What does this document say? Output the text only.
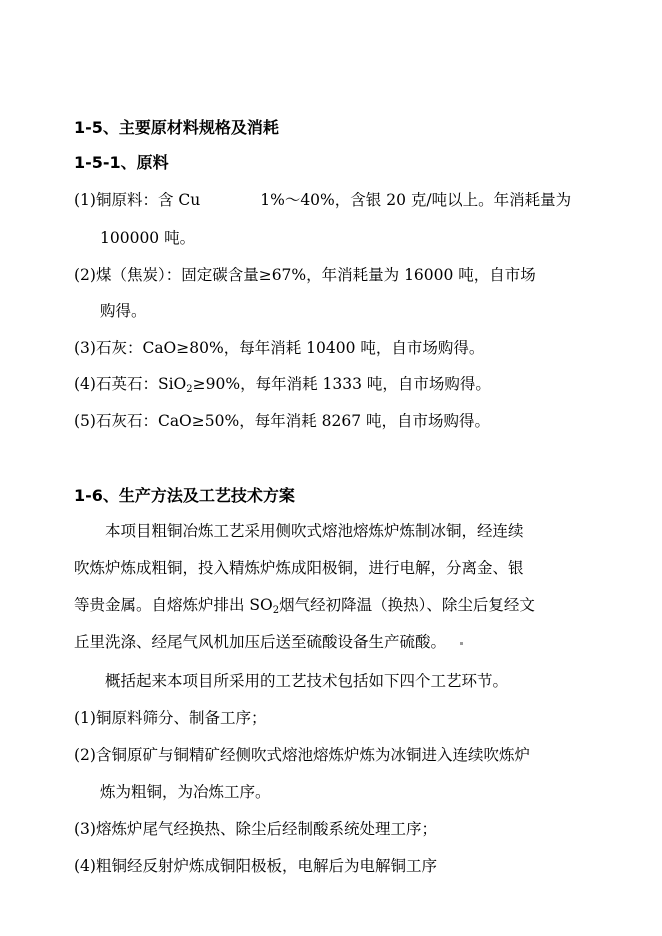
1-5、主要原材料规格及消耗
1-5-1、原料
(1)铜原料：含 Cu	1%～40%，含银 20 克/吨以上。年消耗量为
100000 吨。
(2)煤（焦炭）：固定碳含量≥67%，年消耗量为 16000 吨，自市场
购得。
(3)石灰：CaO≥80%，每年消耗 10400 吨，自市场购得。
(4)石英石：SiO$_2$≥90%，每年消耗 1333 吨，自市场购得。
(5)石灰石：CaO≥50%，每年消耗 8267 吨，自市场购得。
1-6、生产方法及工艺技术方案
本项目粗铜冶炼工艺采用侧吹式熔池熔炼炉炼制冰铜，经连续
吹炼炉炼成粗铜，投入精炼炉炼成阳极铜，进行电解，分离金、银
等贵金属。自熔炼炉排出 $SO_2$烟气经初降温（换热）、除尘后复经文
丘里洗涤、经尾气风机加压后送至硫酸设备生产硫酸。
概括起来本项目所采用的工艺技术包括如下四个工艺环节。
(1)铜原料筛分、制备工序；
(2)含铜原矿与铜精矿经侧吹式熔池熔炼炉炼为冰铜进入连续吹炼炉
炼为粗铜，为冶炼工序。
(3)熔炼炉尾气经换热、除尘后经制酸系统处理工序；
(4)粗铜经反射炉炼成铜阳极板，电解后为电解铜工序
